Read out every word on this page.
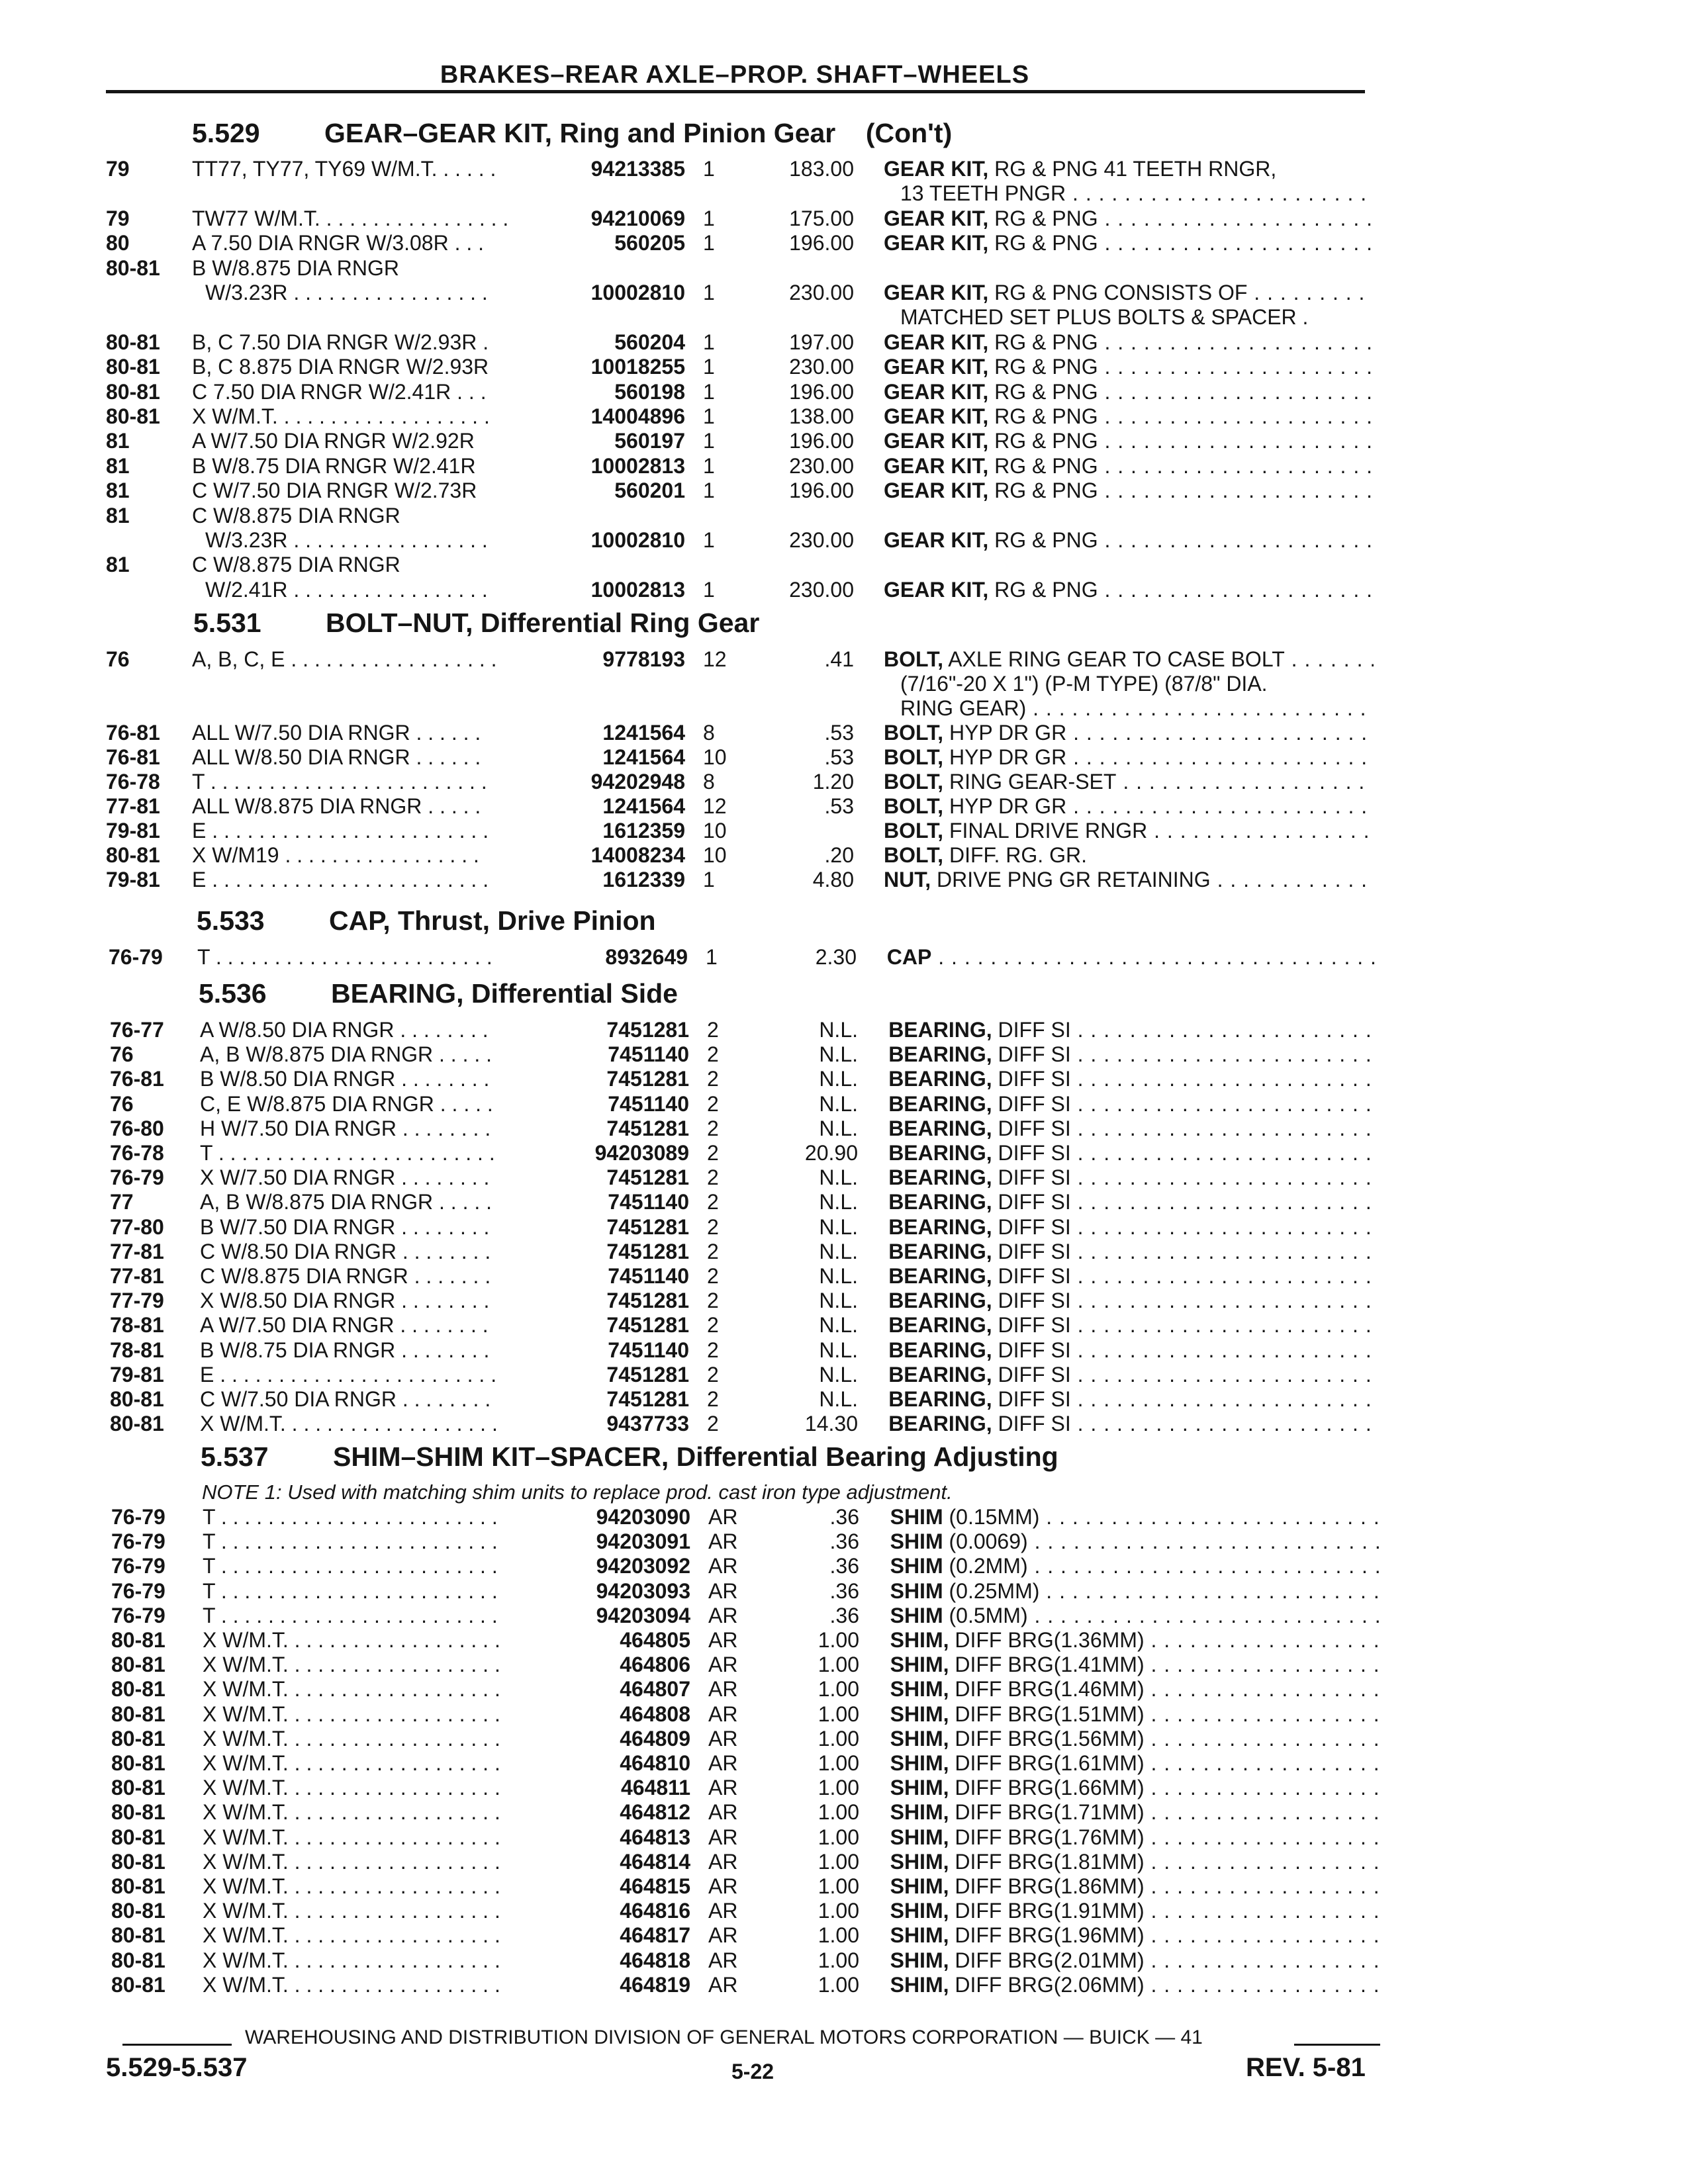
BRAKES–REAR AXLE–PROP. SHAFT–WHEELS
5.529 GEAR–GEAR KIT, Ring and Pinion Gear    (Con't)
79	TT77, TY77, TY69 W/M.T. . . . . .	94213385 1	183.00 GEAR KIT, RG & PNG 41 TEETH RNGR,
13 TEETH PNGR . . .
79	TW77 W/M.T. . . . . . . . . . . . . . . . .	94210069 1	175.00 GEAR KIT, RG & PNG . . .
80	A 7.50 DIA RNGR W/3.08R . . .	560205 1	196.00 GEAR KIT, RG & PNG . . .
80-81 B W/8.875 DIA RNGR
W/3.23R . . . . . . . . . . . . . . . . .	10002810 1	230.00 GEAR KIT, RG & PNG CONSISTS OF . . .
MATCHED SET PLUS BOLTS & SPACER .
80-81 B, C 7.50 DIA RNGR W/2.93R .	560204 1	197.00 GEAR KIT, RG & PNG . . .
80-81 B, C 8.875 DIA RNGR W/2.93R	10018255 1	230.00 GEAR KIT, RG & PNG . . .
80-81 C 7.50 DIA RNGR W/2.41R . . .	560198 1	196.00 GEAR KIT, RG & PNG . . .
80-81 X W/M.T. . . . . . . . . . . . . . . . . . .	14004896 1	138.00 GEAR KIT, RG & PNG . . .
81	A W/7.50 DIA RNGR W/2.92R	560197 1	196.00 GEAR KIT, RG & PNG . . .
81	B W/8.75 DIA RNGR W/2.41R	10002813 1	230.00 GEAR KIT, RG & PNG . . .
81	C W/7.50 DIA RNGR W/2.73R	560201 1	196.00 GEAR KIT, RG & PNG . . .
81	C W/8.875 DIA RNGR
W/3.23R . . . . . . . . . . . . . . . . .	10002810 1	230.00 GEAR KIT, RG & PNG . . .
81	C W/8.875 DIA RNGR
W/2.41R . . . . . . . . . . . . . . . . .	10002813 1	230.00 GEAR KIT, RG & PNG . . .
5.531 BOLT–NUT, Differential Ring Gear
76	A, B, C, E . . . . . . . . . . . . . . . . . .	9778193 12	.41 BOLT, AXLE RING GEAR TO CASE BOLT . . .
(7/16"-20 X 1") (P-M TYPE) (87/8" DIA.
RING GEAR) . . .
76-81 ALL W/7.50 DIA RNGR . . . . . .	1241564 8	.53 BOLT, HYP DR GR . . .
76-81 ALL W/8.50 DIA RNGR . . . . . .	1241564 10	.53 BOLT, HYP DR GR . . .
76-78 T . . . . . . . . . . . . . . . . . . . . . . . .	94202948 8	1.20 BOLT, RING GEAR-SET . . .
77-81 ALL W/8.875 DIA RNGR . . . . .	1241564 12	.53 BOLT, HYP DR GR . . .
79-81 E . . . . . . . . . . . . . . . . . . . . . . . .	1612359 10	BOLT, FINAL DRIVE RNGR . . .
80-81 X W/M19 . . . . . . . . . . . . . . . . .	14008234 10	.20 BOLT, DIFF. RG. GR.
79-81 E . . . . . . . . . . . . . . . . . . . . . . . .	1612339 1	4.80 NUT, DRIVE PNG GR RETAINING . . .
5.533 CAP, Thrust, Drive Pinion
76-79 T . . . . . . . . . . . . . . . . . . . . . . . .	8932649 1	2.30 CAP . . .
5.536 BEARING, Differential Side
76-77 A W/8.50 DIA RNGR . . . . . . . .	7451281 2	N.L. BEARING, DIFF SI . . .
76	A, B W/8.875 DIA RNGR . . . . .	7451140 2	N.L. BEARING, DIFF SI . . .
76-81 B W/8.50 DIA RNGR . . . . . . . .	7451281 2	N.L. BEARING, DIFF SI . . .
76	C, E W/8.875 DIA RNGR . . . . .	7451140 2	N.L. BEARING, DIFF SI . . .
76-80 H W/7.50 DIA RNGR . . . . . . . .	7451281 2	N.L. BEARING, DIFF SI . . .
76-78 T . . . . . . . . . . . . . . . . . . . . . . . .	94203089 2	20.90 BEARING, DIFF SI . . .
76-79 X W/7.50 DIA RNGR . . . . . . . .	7451281 2	N.L. BEARING, DIFF SI . . .
77	A, B W/8.875 DIA RNGR . . . . .	7451140 2	N.L. BEARING, DIFF SI . . .
77-80 B W/7.50 DIA RNGR . . . . . . . .	7451281 2	N.L. BEARING, DIFF SI . . .
77-81 C W/8.50 DIA RNGR . . . . . . . .	7451281 2	N.L. BEARING, DIFF SI . . .
77-81 C W/8.875 DIA RNGR . . . . . . .	7451140 2	N.L. BEARING, DIFF SI . . .
77-79 X W/8.50 DIA RNGR . . . . . . . .	7451281 2	N.L. BEARING, DIFF SI . . .
78-81 A W/7.50 DIA RNGR . . . . . . . .	7451281 2	N.L. BEARING, DIFF SI . . .
78-81 B W/8.75 DIA RNGR . . . . . . . .	7451140 2	N.L. BEARING, DIFF SI . . .
79-81 E . . . . . . . . . . . . . . . . . . . . . . . .	7451281 2	N.L. BEARING, DIFF SI . . .
80-81 C W/7.50 DIA RNGR . . . . . . . .	7451281 2	N.L. BEARING, DIFF SI . . .
80-81 X W/M.T. . . . . . . . . . . . . . . . . . .	9437733 2	14.30 BEARING, DIFF SI . . .
5.537 SHIM–SHIM KIT–SPACER, Differential Bearing Adjusting
NOTE 1: Used with matching shim units to replace prod. cast iron type adjustment.
76-79 T . . . . . . . . . . . . . . . . . . . . . . . .	94203090 AR	.36 SHIM (0.15MM) . . .
76-79 T . . . . . . . . . . . . . . . . . . . . . . . .	94203091 AR	.36 SHIM (0.0069) . . .
76-79 T . . . . . . . . . . . . . . . . . . . . . . . .	94203092 AR	.36 SHIM (0.2MM) . . .
76-79 T . . . . . . . . . . . . . . . . . . . . . . . .	94203093 AR	.36 SHIM (0.25MM) . . .
76-79 T . . . . . . . . . . . . . . . . . . . . . . . .	94203094 AR	.36 SHIM (0.5MM) . . .
80-81 X W/M.T. . . . . . . . . . . . . . . . . . .	464805 AR	1.00 SHIM, DIFF BRG(1.36MM) . . .
80-81 X W/M.T. . . . . . . . . . . . . . . . . . .	464806 AR	1.00 SHIM, DIFF BRG(1.41MM) . . .
80-81 X W/M.T. . . . . . . . . . . . . . . . . . .	464807 AR	1.00 SHIM, DIFF BRG(1.46MM) . . .
80-81 X W/M.T. . . . . . . . . . . . . . . . . . .	464808 AR	1.00 SHIM, DIFF BRG(1.51MM) . . .
80-81 X W/M.T. . . . . . . . . . . . . . . . . . .	464809 AR	1.00 SHIM, DIFF BRG(1.56MM) . . .
80-81 X W/M.T. . . . . . . . . . . . . . . . . . .	464810 AR	1.00 SHIM, DIFF BRG(1.61MM) . . .
80-81 X W/M.T. . . . . . . . . . . . . . . . . . .	464811 AR	1.00 SHIM, DIFF BRG(1.66MM) . . .
80-81 X W/M.T. . . . . . . . . . . . . . . . . . .	464812 AR	1.00 SHIM, DIFF BRG(1.71MM) . . .
80-81 X W/M.T. . . . . . . . . . . . . . . . . . .	464813 AR	1.00 SHIM, DIFF BRG(1.76MM) . . .
80-81 X W/M.T. . . . . . . . . . . . . . . . . . .	464814 AR	1.00 SHIM, DIFF BRG(1.81MM) . . .
80-81 X W/M.T. . . . . . . . . . . . . . . . . . .	464815 AR	1.00 SHIM, DIFF BRG(1.86MM) . . .
80-81 X W/M.T. . . . . . . . . . . . . . . . . . .	464816 AR	1.00 SHIM, DIFF BRG(1.91MM) . . .
80-81 X W/M.T. . . . . . . . . . . . . . . . . . .	464817 AR	1.00 SHIM, DIFF BRG(1.96MM) . . .
80-81 X W/M.T. . . . . . . . . . . . . . . . . . .	464818 AR	1.00 SHIM, DIFF BRG(2.01MM) . . .
80-81 X W/M.T. . . . . . . . . . . . . . . . . . .	464819 AR	1.00 SHIM, DIFF BRG(2.06MM) . . .
WAREHOUSING AND DISTRIBUTION DIVISION OF GENERAL MOTORS CORPORATION — BUICK — 41
5.529-5.537	5-22	REV. 5-81
